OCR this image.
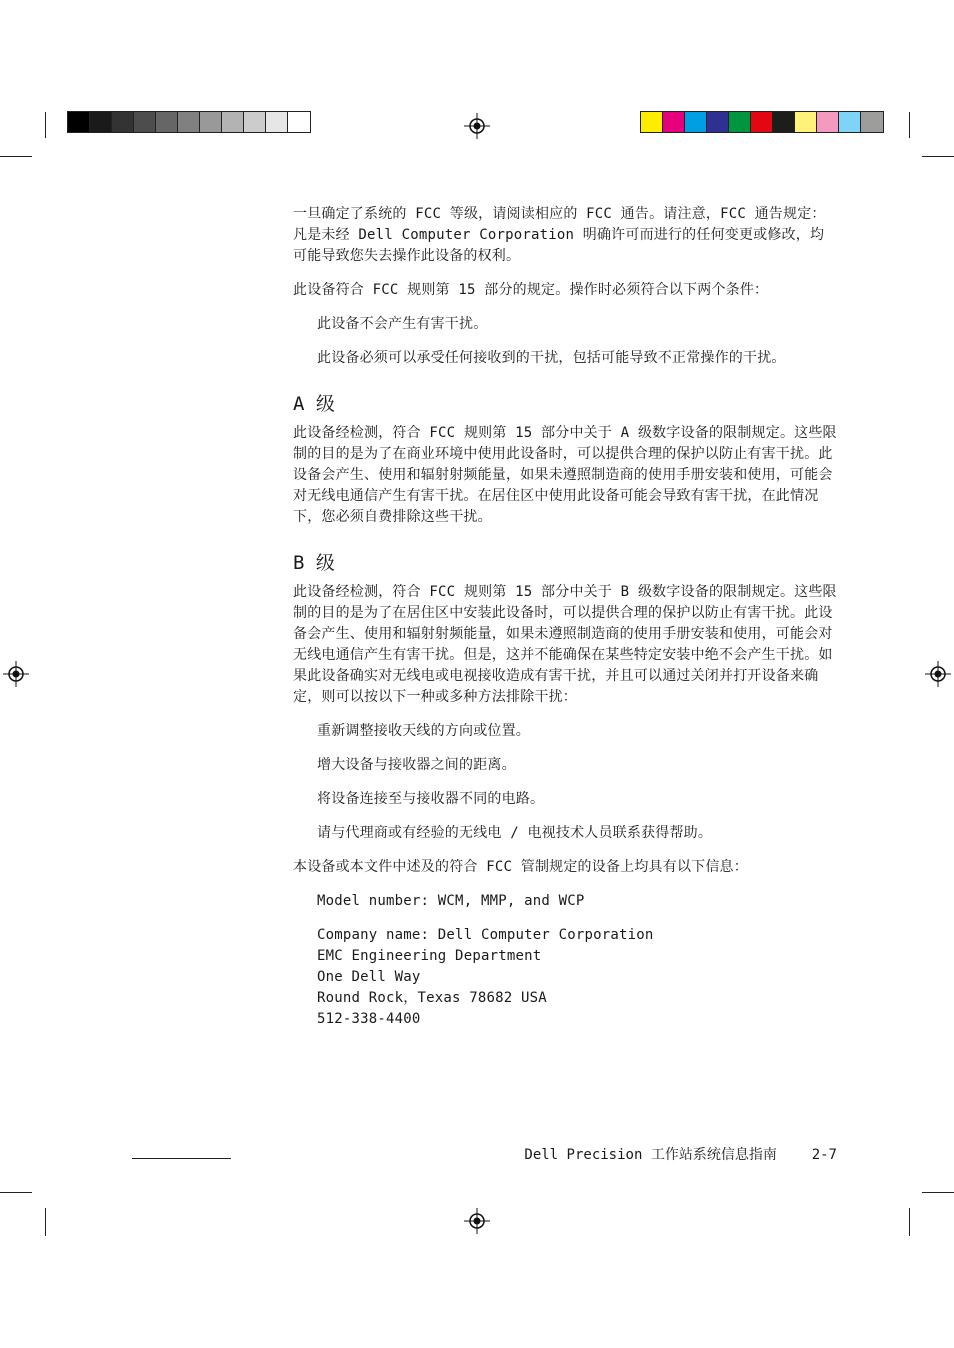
一旦确定了系统的 FCC 等级，请阅读相应的 FCC 通告。请注意，FCC 通告规定：凡是未经 Dell Computer Corporation 明确许可而进行的任何变更或修改，均可能导致您失去操作此设备的权利。

此设备符合 FCC 规则第 15 部分的规定。操作时必须符合以下两个条件：

此设备不会产生有害干扰。

此设备必须可以承受任何接收到的干扰，包括可能导致不正常操作的干扰。

A 级

此设备经检测，符合 FCC 规则第 15 部分中关于 A 级数字设备的限制规定。这些限制的目的是为了在商业环境中使用此设备时，可以提供合理的保护以防止有害干扰。此设备会产生、使用和辐射射频能量，如果未遵照制造商的使用手册安装和使用，可能会对无线电通信产生有害干扰。在居住区中使用此设备可能会导致有害干扰，在此情况下，您必须自费排除这些干扰。

B 级

此设备经检测，符合 FCC 规则第 15 部分中关于 B 级数字设备的限制规定。这些限制的目的是为了在居住区中安装此设备时，可以提供合理的保护以防止有害干扰。此设备会产生、使用和辐射射频能量，如果未遵照制造商的使用手册安装和使用，可能会对无线电通信产生有害干扰。但是，这并不能确保在某些特定安装中绝不会产生干扰。如果此设备确实对无线电或电视接收造成有害干扰，并且可以通过关闭并打开设备来确定，则可以按以下一种或多种方法排除干扰：

重新调整接收天线的方向或位置。

增大设备与接收器之间的距离。

将设备连接至与接收器不同的电路。

请与代理商或有经验的无线电 / 电视技术人员联系获得帮助。

本设备或本文件中述及的符合 FCC 管制规定的设备上均具有以下信息：

Model number: WCM, MMP, and WCP

Company name: Dell Computer Corporation

EMC Engineering Department

One Dell Way

Round Rock，Texas 78682 USA

512-338-4400

Dell Precision 工作站系统信息指南 2-7
